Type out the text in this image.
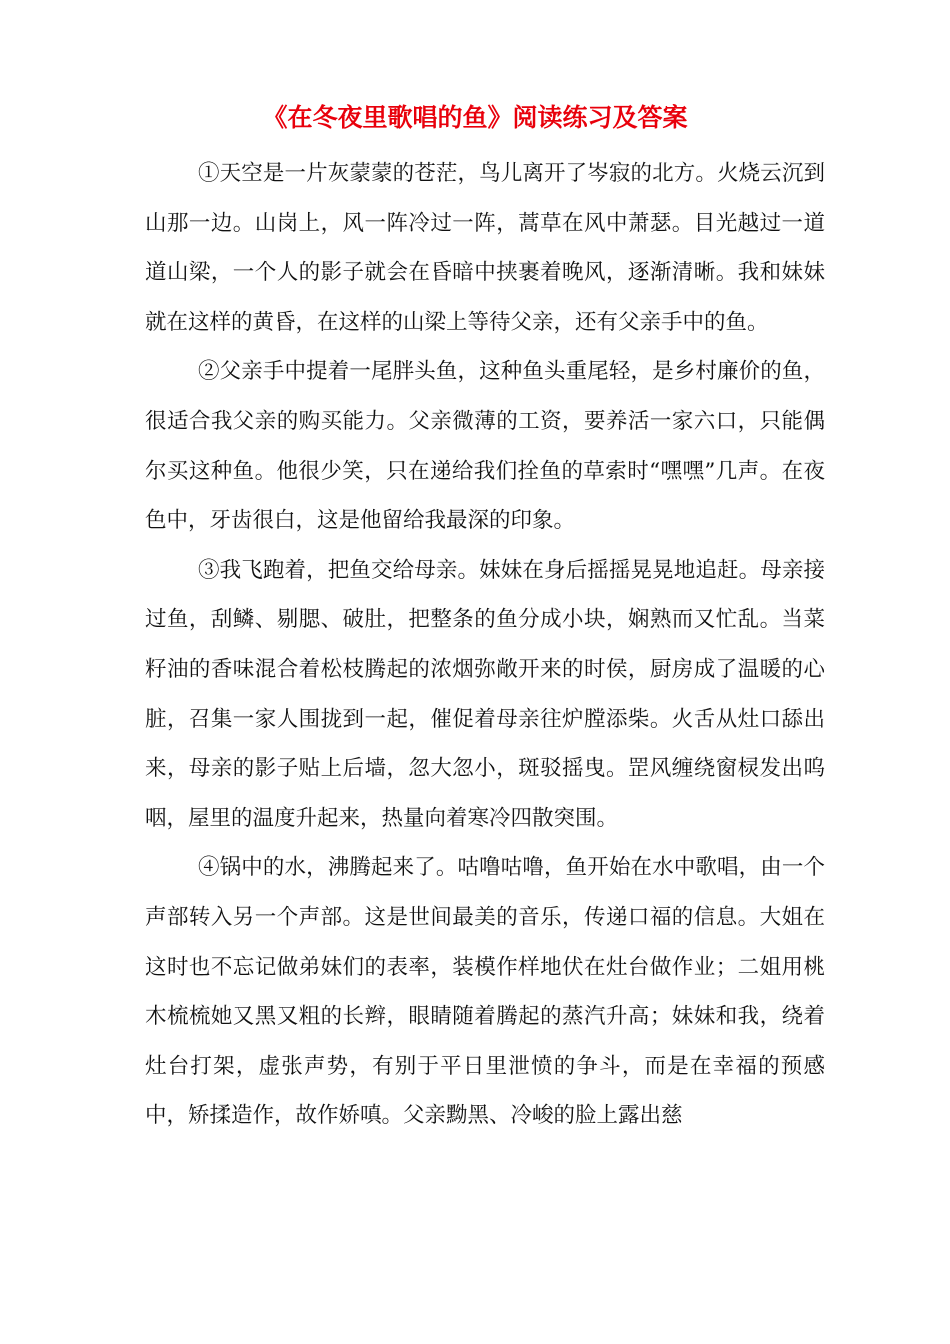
《在冬夜里歌唱的鱼》阅读练习及答案

①天空是一片灰蒙蒙的苍茫，鸟儿离开了岑寂的北方。火烧云沉到山那一边。山岗上，风一阵冷过一阵，蒿草在风中萧瑟。目光越过一道道山梁，一个人的影子就会在昏暗中挟裹着晚风，逐渐清晰。我和妹妹就在这样的黄昏，在这样的山梁上等待父亲，还有父亲手中的鱼。

②父亲手中提着一尾胖头鱼，这种鱼头重尾轻，是乡村廉价的鱼，很适合我父亲的购买能力。父亲微薄的工资，要养活一家六口，只能偶尔买这种鱼。他很少笑，只在递给我们拴鱼的草索时“嘿嘿”几声。在夜色中，牙齿很白，这是他留给我最深的印象。

③我飞跑着，把鱼交给母亲。妹妹在身后摇摇晃晃地追赶。母亲接过鱼，刮鳞、剔腮、破肚，把整条的鱼分成小块，娴熟而又忙乱。当菜籽油的香味混合着松枝腾起的浓烟弥敞开来的时侯，厨房成了温暖的心脏，召集一家人围拢到一起，催促着母亲往炉膛添柴。火舌从灶口舔出来，母亲的影子贴上后墙，忽大忽小，斑驳摇曳。罡风缠绕窗棂发出呜咽，屋里的温度升起来，热量向着寒冷四散突围。

④锅中的水，沸腾起来了。咕噜咕噜，鱼开始在水中歌唱，由一个声部转入另一个声部。这是世间最美的音乐，传递口福的信息。大姐在这时也不忘记做弟妹们的表率，装模作样地伏在灶台做作业；二姐用桃木梳梳她又黑又粗的长辫，眼睛随着腾起的蒸汽升高；妹妹和我，绕着灶台打架，虚张声势，有别于平日里泄愤的争斗，而是在幸福的预感中，矫揉造作，故作娇嗔。父亲黝黑、冷峻的脸上露出慈
